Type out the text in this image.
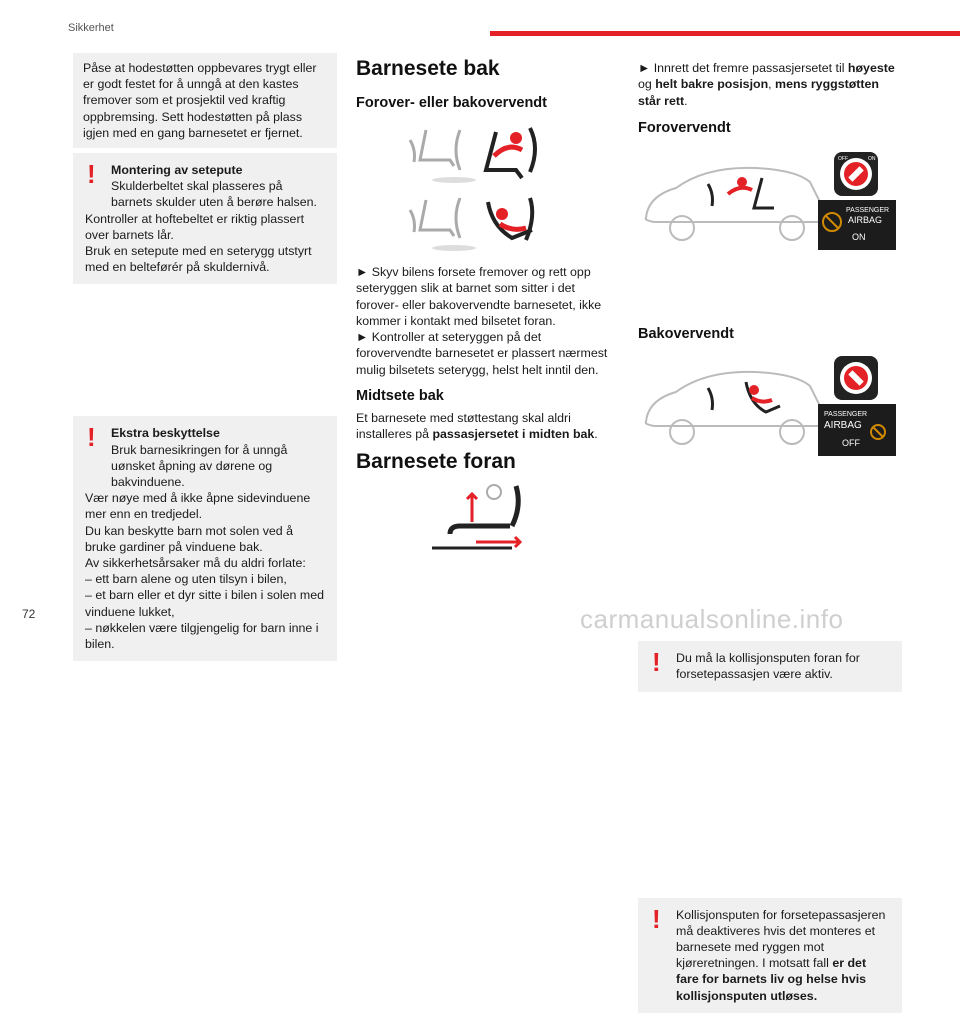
Sikkerhet

Påse at hodestøtten oppbevares trygt eller er godt festet for å unngå at den kastes fremover som et prosjektil ved kraftig oppbremsing. Sett hodestøtten på plass igjen med en gang barnesetet er fjernet.

!	Montering av setepute

Skulderbeltet skal plasseres på barnets skulder uten å berøre halsen.

Kontroller at hoftebeltet er riktig plassert over barnets lår.

Bruk en setepute med en seterygg utstyrt med en belteførér på skuldernivå.

!	Ekstra beskyttelse

Bruk barnesikringen for å unngå uønsket åpning av dørene og bakvinduene.

Vær nøye med å ikke åpne sidevinduene mer enn en tredjedel.

Du kan beskytte barn mot solen ved å bruke gardiner på vinduene bak.

Av sikkerhetsårsaker må du aldri forlate:

– ett barn alene og uten tilsyn i bilen,

– et barn eller et dyr sitte i bilen i solen med vinduene lukket,

– nøkkelen være tilgjengelig for barn inne i bilen.

Barnesete bak
Forover- eller bakovervendt
► Skyv bilens forsete fremover og rett opp seteryggen slik at barnet som sitter i det forover- eller bakovervendte barnesetet, ikke kommer i kontakt med bilsetet foran.
► Kontroller at seteryggen på det forovervendte barnesetet er plassert nærmest mulig bilsetets seterygg, helst helt inntil den.
Midtsete bak
Et barnesete med støttestang skal aldri installeres på passasjersetet i midten bak.
Barnesete foran
► Innrett det fremre passasjersetet til høyeste og helt bakre posisjon, mens ryggstøtten står rett.
Forovervendt
OFF	ON
PASSENGER
AIRBAG
ON
!	Du må la kollisjonsputen foran for forsetepassasjen være aktiv.

Bakovervendt
PASSENGER
AIRBAG
OFF
!	Kollisjonsputen for forsetepassasjeren må deaktiveres hvis det monteres et barnesete med ryggen mot kjøreretningen. I motsatt fall er det fare for barnets liv og helse hvis kollisjonsputen utløses.

72	carmanualsonline.info
